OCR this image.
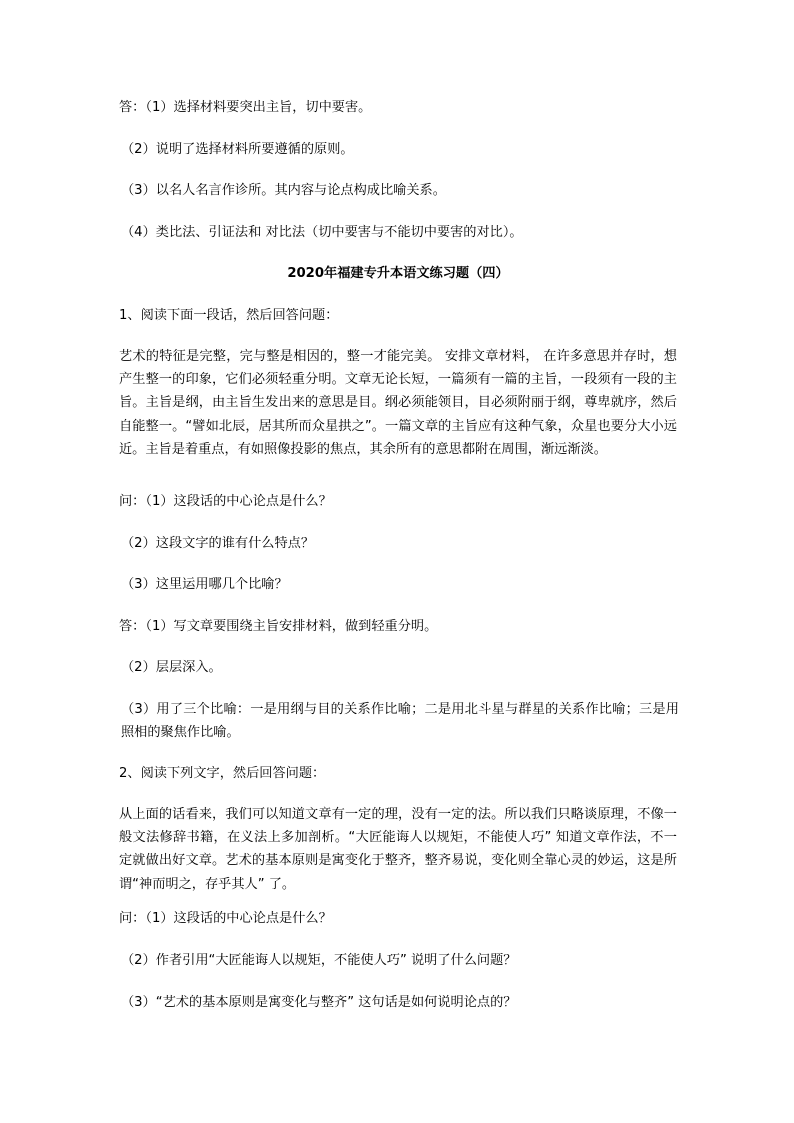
答：（1）选择材料要突出主旨，切中要害。

（2）说明了选择材料所要遵循的原则。

（3）以名人名言作诊所。其内容与论点构成比喻关系。

（4）类比法、引证法和 对比法（切中要害与不能切中要害的对比）。

2020年福建专升本语文练习题（四）

1、阅读下面一段话，然后回答问题：

艺术的特征是完整，完与整是相因的，整一才能完美。 安排文章材料， 在许多意思并存时，想产生整一的印象，它们必须轻重分明。文章无论长短，一篇须有一篇的主旨，一段须有一段的主旨。主旨是纲，由主旨生发出来的意思是目。纲必须能领目，目必须附丽于纲，尊卑就序，然后自能整一。“譬如北辰，居其所而众星拱之”。一篇文章的主旨应有这种气象，众星也要分大小远近。主旨是着重点，有如照像投影的焦点，其余所有的意思都附在周围，渐远渐淡。

问：（1）这段话的中心论点是什么？

（2）这段文字的谁有什么特点？

（3）这里运用哪几个比喻？

答：（1）写文章要围绕主旨安排材料，做到轻重分明。

（2）层层深入。

（3）用了三个比喻：一是用纲与目的关系作比喻；二是用北斗星与群星的关系作比喻；三是用照相的聚焦作比喻。

2、阅读下列文字，然后回答问题：

从上面的话看来，我们可以知道文章有一定的理，没有一定的法。所以我们只略谈原理，不像一般文法修辞书籍，在义法上多加剖析。“大匠能诲人以规矩，不能使人巧” 知道文章作法，不一定就做出好文章。艺术的基本原则是寓变化于整齐，整齐易说，变化则全靠心灵的妙运，这是所谓“神而明之，存乎其人” 了。

问：（1）这段话的中心论点是什么？

（2）作者引用“大匠能诲人以规矩，不能使人巧” 说明了什么问题？

（3）“艺术的基本原则是寓变化与整齐” 这句话是如何说明论点的？
